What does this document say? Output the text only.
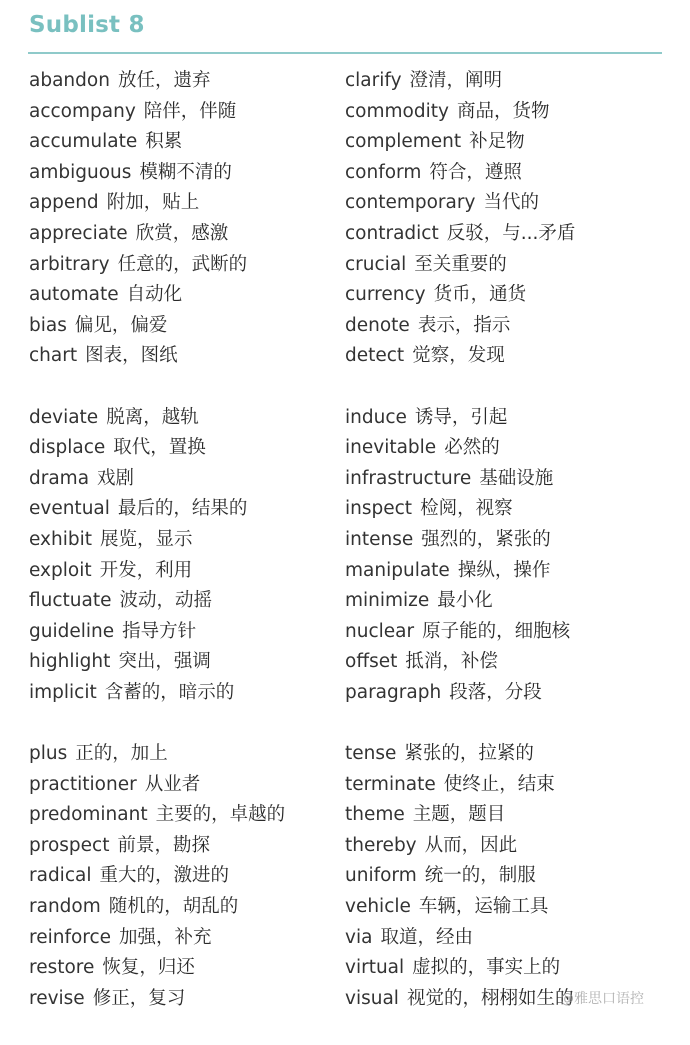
Sublist 8
abandon 放任，遗弃
accompany 陪伴，伴随
accumulate 积累
ambiguous 模糊不清的
append 附加，贴上
appreciate 欣赏，感激
arbitrary 任意的，武断的
automate 自动化
bias 偏见，偏爱
chart 图表，图纸
deviate 脱离，越轨
displace 取代，置换
drama 戏剧
eventual 最后的，结果的
exhibit 展览，显示
exploit 开发，利用
fluctuate 波动，动摇
guideline 指导方针
highlight 突出，强调
implicit 含蓄的，暗示的
plus 正的，加上
practitioner 从业者
predominant 主要的，卓越的
prospect 前景，勘探
radical 重大的，激进的
random 随机的，胡乱的
reinforce 加强，补充
restore 恢复，归还
revise 修正，复习
clarify 澄清，阐明
commodity 商品，货物
complement 补足物
conform 符合，遵照
contemporary 当代的
contradict 反驳，与...矛盾
crucial 至关重要的
currency 货币，通货
denote 表示，指示
detect 觉察，发现
induce 诱导，引起
inevitable 必然的
infrastructure 基础设施
inspect 检阅，视察
intense 强烈的，紧张的
manipulate 操纵，操作
minimize 最小化
nuclear 原子能的，细胞核
offset 抵消，补偿
paragraph 段落，分段
tense 紧张的，拉紧的
terminate 使终止，结束
theme 主题，题目
thereby 从而，因此
uniform 统一的，制服
vehicle 车辆，运输工具
via 取道，经由
virtual 虚拟的，事实上的
visual 视觉的，栩栩如生的
@雅思口语控
